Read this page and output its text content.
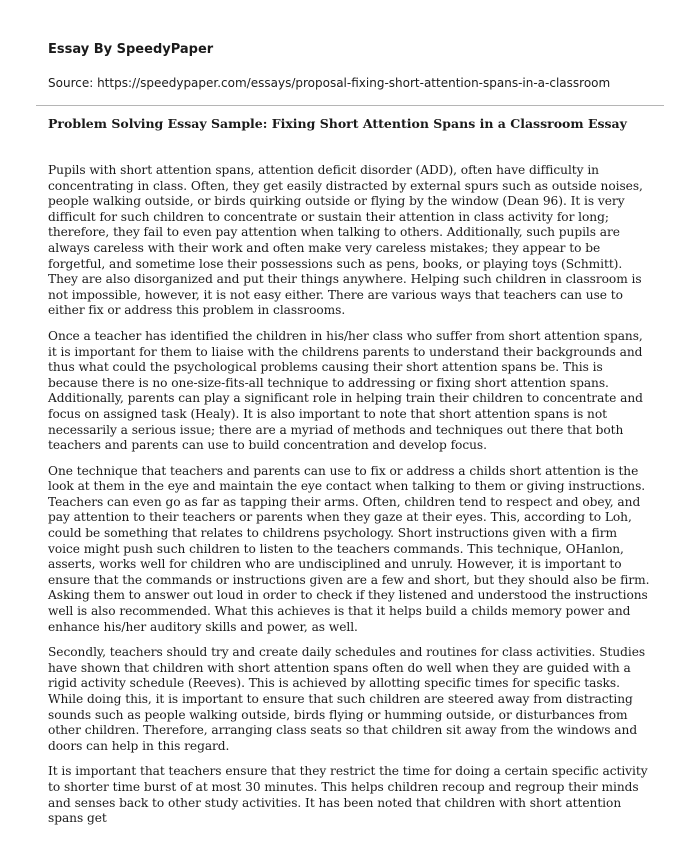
Essay By SpeedyPaper
Source: https://speedypaper.com/essays/proposal-fixing-short-attention-spans-in-a-classroom
Problem Solving Essay Sample: Fixing Short Attention Spans in a Classroom Essay

Pupils with short attention spans, attention deficit disorder (ADD), often have difficulty in concentrating in class. Often, they get easily distracted by external spurs such as outside noises, people walking outside, or birds quirking outside or flying by the window (Dean 96). It is very difficult for such children to concentrate or sustain their attention in class activity for long; therefore, they fail to even pay attention when talking to others. Additionally, such pupils are always careless with their work and often make very careless mistakes; they appear to be forgetful, and sometime lose their possessions such as pens, books, or playing toys (Schmitt). They are also disorganized and put their things anywhere. Helping such children in classroom is not impossible, however, it is not easy either. There are various ways that teachers can use to either fix or address this problem in classrooms.

Once a teacher has identified the children in his/her class who suffer from short attention spans, it is important for them to liaise with the childrens parents to understand their backgrounds and thus what could the psychological problems causing their short attention spans be. This is because there is no one-size-fits-all technique to addressing or fixing short attention spans. Additionally, parents can play a significant role in helping train their children to concentrate and focus on assigned task (Healy). It is also important to note that short attention spans is not necessarily a serious issue; there are a myriad of methods and techniques out there that both teachers and parents can use to build concentration and develop focus.

One technique that teachers and parents can use to fix or address a childs short attention is the look at them in the eye and maintain the eye contact when talking to them or giving instructions. Teachers can even go as far as tapping their arms. Often, children tend to respect and obey, and pay attention to their teachers or parents when they gaze at their eyes. This, according to Loh, could be something that relates to childrens psychology. Short instructions given with a firm voice might push such children to listen to the teachers commands. This technique, OHanlon, asserts, works well for children who are undisciplined and unruly. However, it is important to ensure that the commands or instructions given are a few and short, but they should also be firm. Asking them to answer out loud in order to check if they listened and understood the instructions well is also recommended. What this achieves is that it helps build a childs memory power and enhance his/her auditory skills and power, as well.

Secondly, teachers should try and create daily schedules and routines for class activities. Studies have shown that children with short attention spans often do well when they are guided with a rigid activity schedule (Reeves). This is achieved by allotting specific times for specific tasks. While doing this, it is important to ensure that such children are steered away from distracting sounds such as people walking outside, birds flying or humming outside, or disturbances from other children. Therefore, arranging class seats so that children sit away from the windows and doors can help in this regard.

It is important that teachers ensure that they restrict the time for doing a certain specific activity to shorter time burst of at most 30 minutes. This helps children recoup and regroup their minds and senses back to other study activities. It has been noted that children with short attention spans get
